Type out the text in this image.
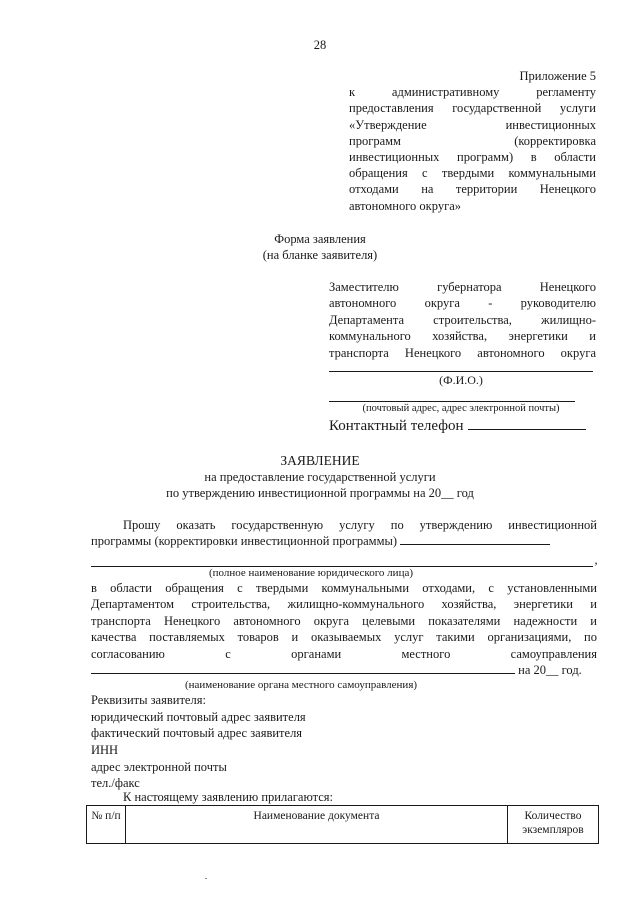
28
Приложение 5
к административному регламенту
предоставления государственной услуги
«Утверждение инвестиционных
программ (корректировка
инвестиционных программ) в области
обращения с твердыми коммунальными
отходами на территории Ненецкого
автономного округа»
Форма заявления
(на бланке заявителя)
Заместителю губернатора Ненецкого
автономного округа - руководителю
Департамента строительства, жилищно-
коммунального хозяйства, энергетики и
транспорта Ненецкого автономного округа
(Ф.И.О.)
(почтовый адрес, адрес электронной почты)
Контактный телефон
ЗАЯВЛЕНИЕ
на предоставление государственной услуги
по утверждению инвестиционной программы на 20__ год
Прошу оказать государственную услугу по утверждению инвестиционной
программы (корректировки инвестиционной программы)
,
(полное наименование юридического лица)
в области обращения с твердыми коммунальными отходами, с установленными
Департаментом строительства, жилищно-коммунального хозяйства, энергетики и
транспорта Ненецкого автономного округа целевыми показателями надежности и
качества поставляемых товаров и оказываемых услуг такими организациями, по
согласованию с органами местного самоуправления
на 20__ год.
(наименование органа местного самоуправления)
Реквизиты заявителя:
юридический почтовый адрес заявителя
фактический почтовый адрес заявителя
ИНН
адрес электронной почты
тел./факс
К настоящему заявлению прилагаются:
№ п/п	Наименование документа	Количество экземпляров
